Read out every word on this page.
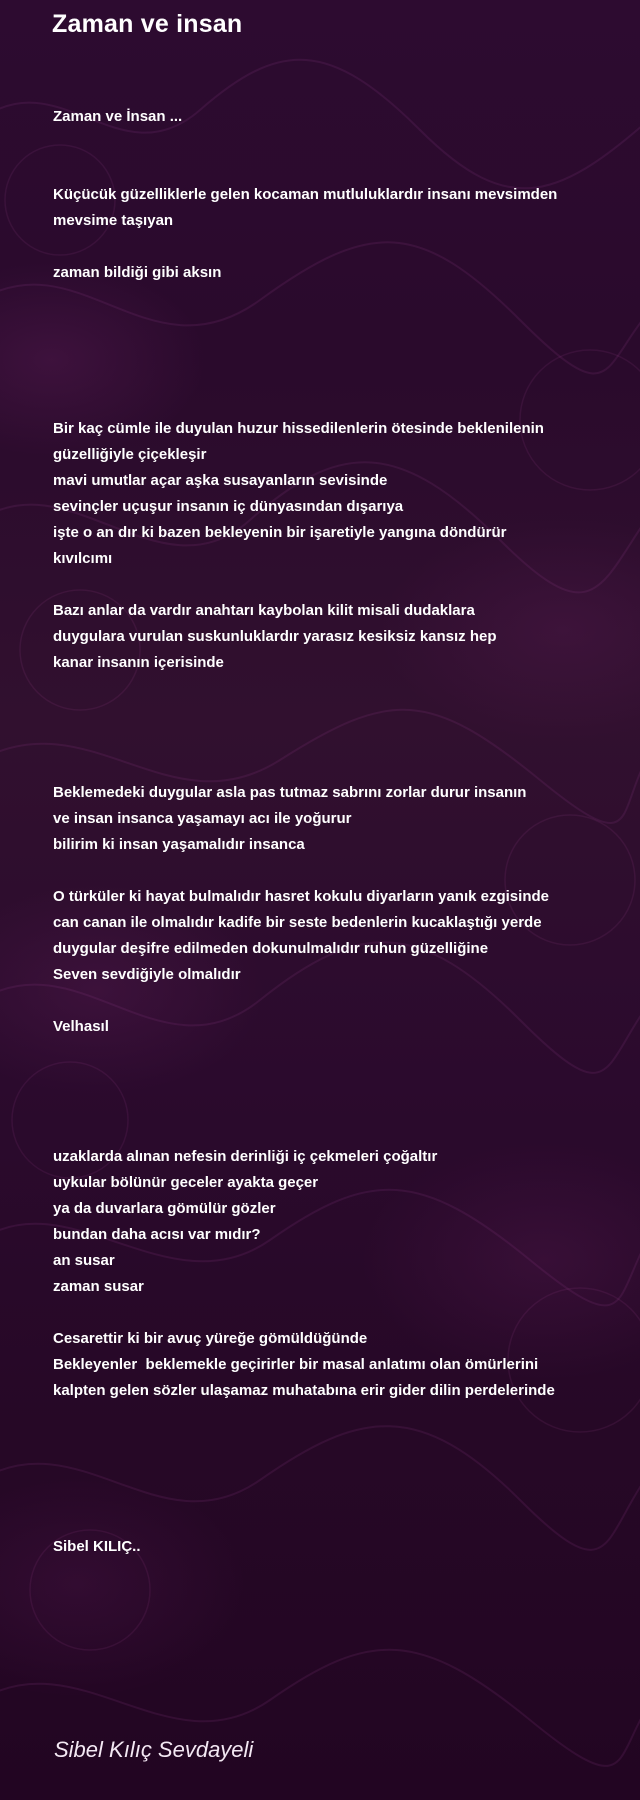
Zaman ve insan
Zaman ve İnsan ...
Küçücük güzelliklerle gelen kocaman mutluluklardır insanı mevsimden
mevsime taşıyan
zaman bildiği gibi aksın
Bir kaç cümle ile duyulan huzur hissedilenlerin ötesinde beklenilenin
güzelliğiyle çiçekleşir
mavi umutlar açar aşka susayanların sevisinde
sevinçler uçuşur insanın iç dünyasından dışarıya
işte o an dır ki bazen bekleyenin bir işaretiyle yangına döndürür
kıvılcımı
Bazı anlar da vardır anahtarı kaybolan kilit misali dudaklara
duygulara vurulan suskunluklardır yarasız kesiksiz kansız hep
kanar insanın içerisinde
Beklemedeki duygular asla pas tutmaz sabrını zorlar durur insanın
ve insan insanca yaşamayı acı ile yoğurur
bilirim ki insan yaşamalıdır insanca
O türküler ki hayat bulmalıdır hasret kokulu diyarların yanık ezgisinde
can canan ile olmalıdır kadife bir seste bedenlerin kucaklaştığı yerde
duygular deşifre edilmeden dokunulmalıdır ruhun güzelliğine
Seven sevdiğiyle olmalıdır
Velhasıl
uzaklarda alınan nefesin derinliği iç çekmeleri çoğaltır
uykular bölünür geceler ayakta geçer
ya da duvarlara gömülür gözler
bundan daha acısı var mıdır?
an susar
zaman susar
Cesarettir ki bir avuç yüreğe gömüldüğünde
Bekleyenler  beklemekle geçirirler bir masal anlatımı olan ömürlerini
kalpten gelen sözler ulaşamaz muhatabına erir gider dilin perdelerinde
Sibel KILIÇ..
Sibel Kılıç Sevdayeli
